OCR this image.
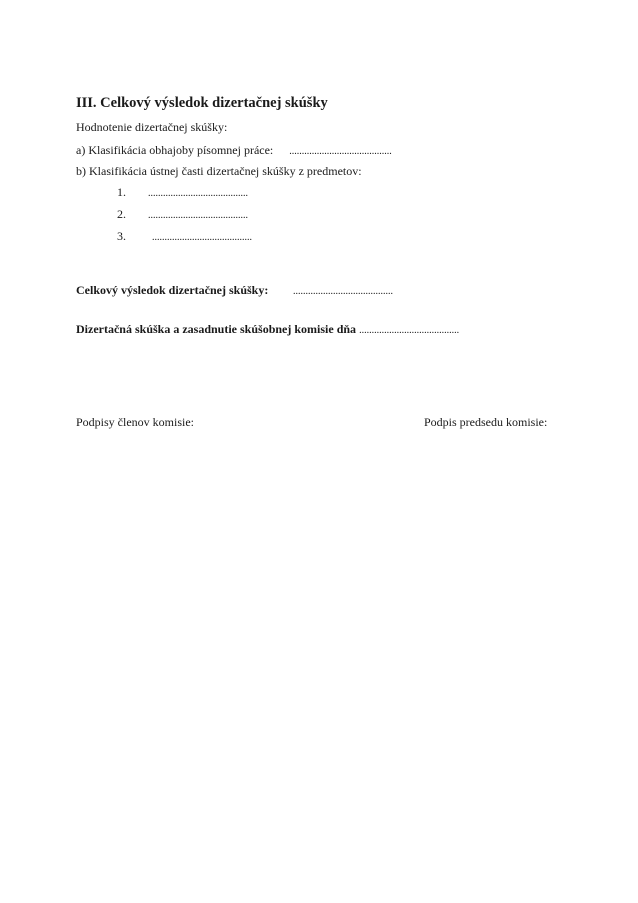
III. Celkový výsledok dizertačnej skúšky
Hodnotenie dizertačnej skúšky:
a) Klasifikácia obhajoby písomnej práce: .........................................
b) Klasifikácia ústnej časti dizertačnej skúšky z predmetov:
1. ........................................
2. ........................................
3.	........................................
Celkový výsledok dizertačnej skúšky: ........................................
Dizertačná skúška a zasadnutie skúšobnej komisie dňa ........................................
Podpisy členov komisie:	Podpis predsedu komisie:
